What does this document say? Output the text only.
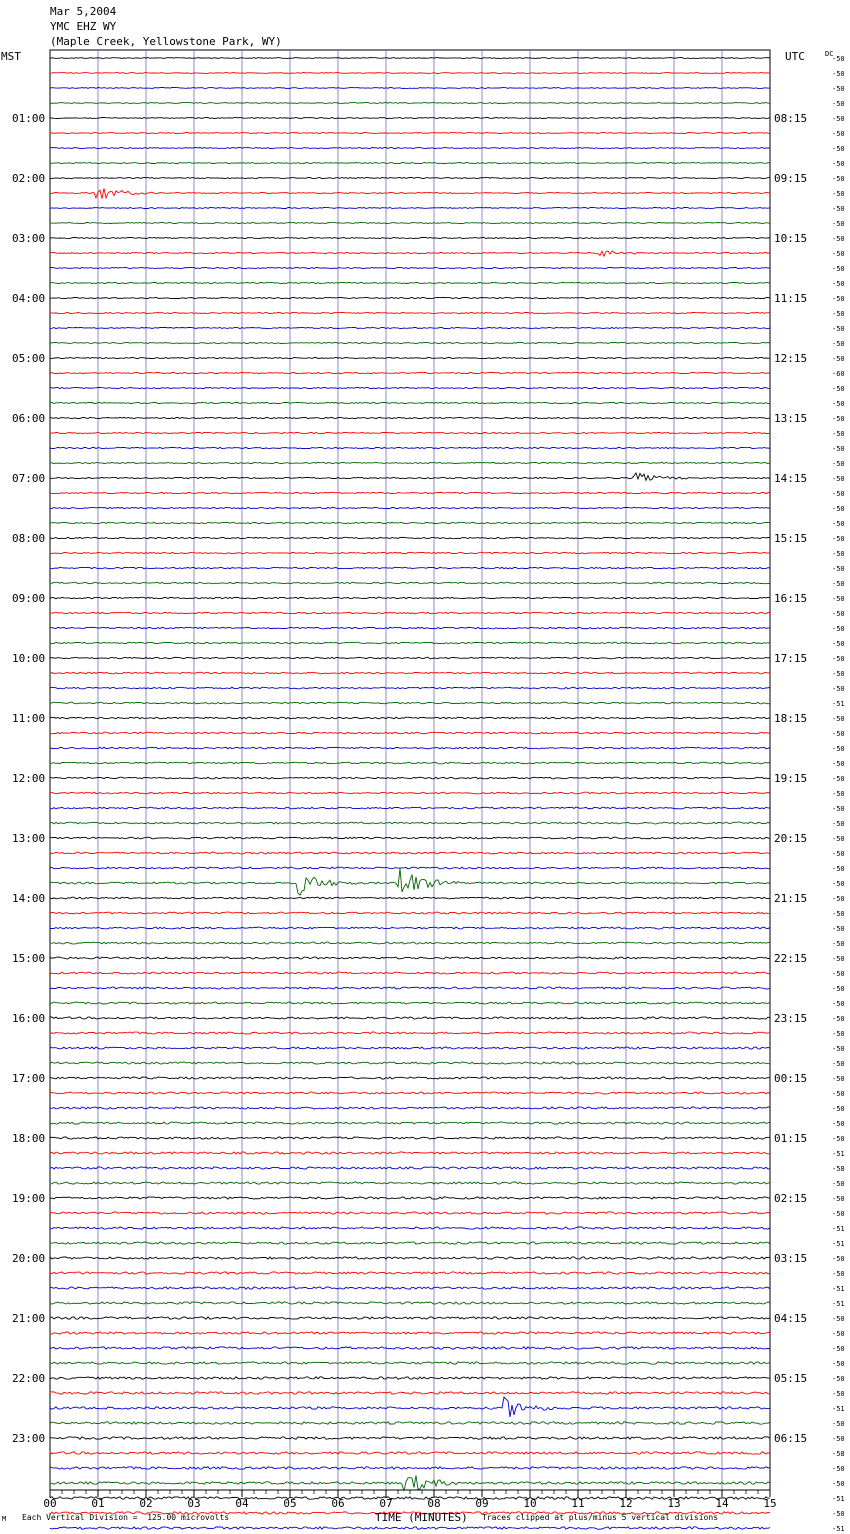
Mar 5,2004
YMC EHZ WY
(Maple Creek, Yellowstone Park, WY)
MST	UTC	DC
-50
-50
-50
-50
-50
-50
-50
-50
-50
-50
-50
-50
-50
-50
-50
-50
-50
-50
-50
-50
-50
-60
-50
-50
-50
-50
-50
-50
-50
-50
-50
-50
-50
-50
-50
-50
-50
-50
-50
-50
-50
-50
-50
-51
-50
-50
-50
-50
-50
-50
-50
-50
-50
-50
-50
-50
-50
-50
-50
-50
-50
-50
-50
-50
-50
-50
-50
-50
-50
-50
-50
-50
-50
-51
-58
-50
-50
-50
-51
-51
-50
-50
-51
-51
-50
-50
-50
-50
-50
-50
-51
-50
-50
-58
-50
-50
-51
-50
-51
01:00
02:00
03:00
04:00
05:00
06:00
07:00
08:00
09:00
10:00
11:00
12:00
13:00
14:00
15:00
16:00
17:00
18:00
19:00
20:00
21:00
22:00
23:00
08:15
09:15
10:15
11:15
12:15
13:15
14:15
15:15
16:15
17:15
18:15
19:15
20:15
21:15
22:15
23:15
00:15
01:15
02:15
03:15
04:15
05:15
06:15
00	01	02	03	04	05	06	07	08	09	10	11	12	13	14	15
M Each Vertical Division =  125.00 microvolts	TIME (MINUTES) Traces clipped at plus/minus 5 vertical divisions
